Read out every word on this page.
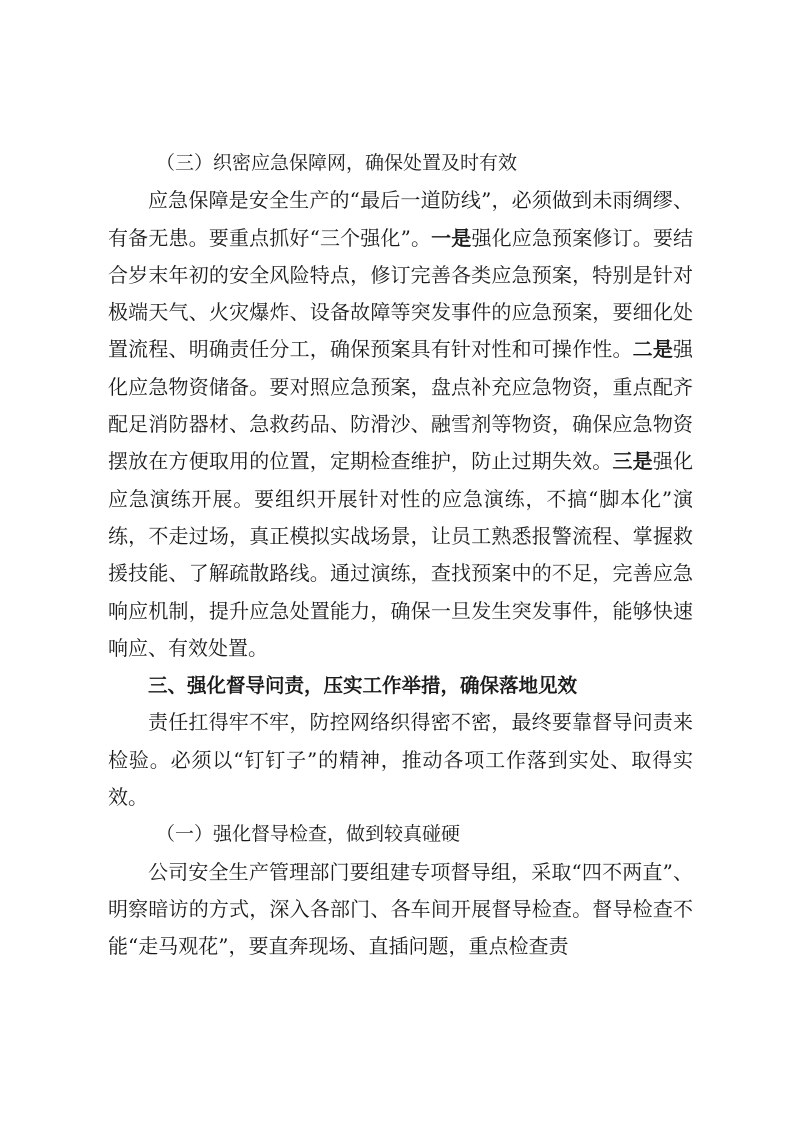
（三）织密应急保障网，确保处置及时有效

应急保障是安全生产的“最后一道防线”，必须做到未雨绸缪、有备无患。要重点抓好“三个强化”。一是强化应急预案修订。要结合岁末年初的安全风险特点，修订完善各类应急预案，特别是针对极端天气、火灾爆炸、设备故障等突发事件的应急预案，要细化处置流程、明确责任分工，确保预案具有针对性和可操作性。二是强化应急物资储备。要对照应急预案，盘点补充应急物资，重点配齐配足消防器材、急救药品、防滑沙、融雪剂等物资，确保应急物资摆放在方便取用的位置，定期检查维护，防止过期失效。三是强化应急演练开展。要组织开展针对性的应急演练，不搞“脚本化”演练，不走过场，真正模拟实战场景，让员工熟悉报警流程、掌握救援技能、了解疏散路线。通过演练，查找预案中的不足，完善应急响应机制，提升应急处置能力，确保一旦发生突发事件，能够快速响应、有效处置。

三、强化督导问责，压实工作举措，确保落地见效

责任扛得牢不牢，防控网络织得密不密，最终要靠督导问责来检验。必须以“钉钉子”的精神，推动各项工作落到实处、取得实效。

（一）强化督导检查，做到较真碰硬

公司安全生产管理部门要组建专项督导组，采取“四不两直”、明察暗访的方式，深入各部门、各车间开展督导检查。督导检查不能“走马观花”，要直奔现场、直插问题，重点检查责
